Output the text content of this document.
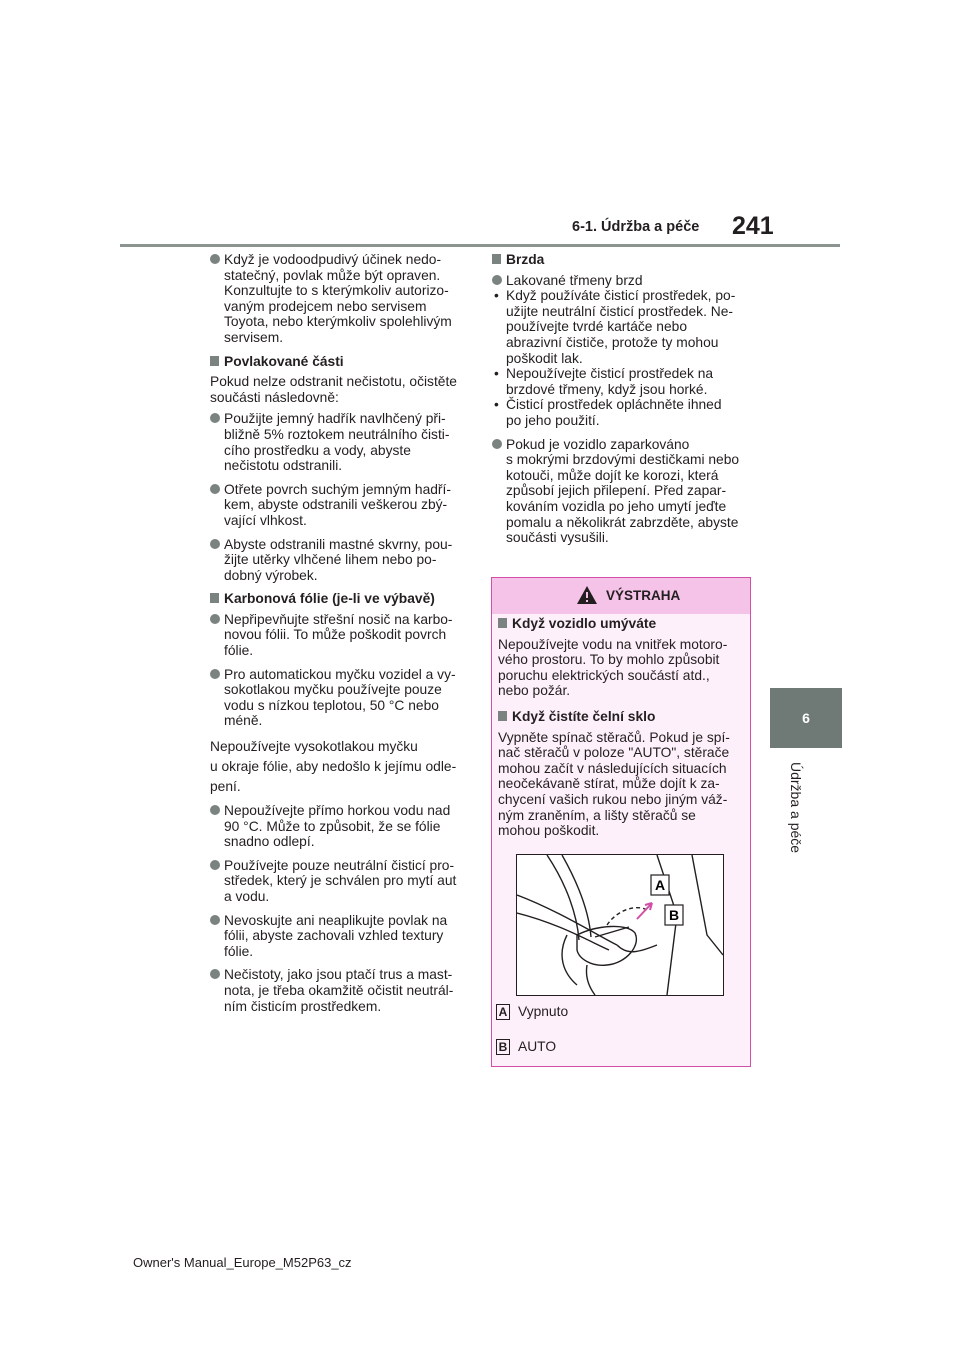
6-1. Údržba a péče 241
6
Údržba a péče
Když je vodoodpudivý účinek nedo-
statečný, povlak může být opraven.
Konzultujte to s kterýmkoliv autorizo-
vaným prodejcem nebo servisem
Toyota, nebo kterýmkoliv spolehlivým
servisem.
Povlakované části
Pokud nelze odstranit nečistotu, očistěte
součásti následovně:
Použijte jemný hadřík navlhčený při-
bližně 5% roztokem neutrálního čisti-
cího prostředku a vody, abyste
nečistotu odstranili.
Otřete povrch suchým jemným hadří-
kem, abyste odstranili veškerou zbý-
vající vlhkost.
Abyste odstranili mastné skvrny, pou-
žijte utěrky vlhčené lihem nebo po-
dobný výrobek.
Karbonová fólie (je-li ve výbavě)
Nepřipevňujte střešní nosič na karbo-
novou fólii. To může poškodit povrch
fólie.
Pro automatickou myčku vozidel a vy-
sokotlakou myčku používejte pouze
vodu s nízkou teplotou, 50 °C nebo
méně.
Nepoužívejte vysokotlakou myčku
u okraje fólie, aby nedošlo k jejímu odle-
pení.
Nepoužívejte přímo horkou vodu nad
90 °C. Může to způsobit, že se fólie
snadno odlepí.
Používejte pouze neutrální čisticí pro-
středek, který je schválen pro mytí aut
a vodu.
Nevoskujte ani neaplikujte povlak na
fólii, abyste zachovali vzhled textury
fólie.
Nečistoty, jako jsou ptačí trus a mast-
nota, je třeba okamžitě očistit neutrál-
ním čisticím prostředkem.
Brzda
Lakované třmeny brzd
• Když používáte čisticí prostředek, po-
užijte neutrální čisticí prostředek. Ne-
používejte tvrdé kartáče nebo
abrazivní čističe, protože ty mohou
poškodit lak.
• Nepoužívejte čisticí prostředek na
brzdové třmeny, když jsou horké.
• Čisticí prostředek opláchněte ihned
po jeho použití.
Pokud je vozidlo zaparkováno
s mokrými brzdovými destičkami nebo
kotouči, může dojít ke korozi, která
způsobí jejich přilepení. Před zapar-
kováním vozidla po jeho umytí jeďte
pomalu a několikrát zabrzděte, abyste
součásti vysušili.
VÝSTRAHA
Když vozidlo umýváte
Nepoužívejte vodu na vnitřek motoro-
vého prostoru. To by mohlo způsobit
poruchu elektrických součástí atd.,
nebo požár.
Když čistíte čelní sklo
Vypněte spínač stěračů. Pokud je spí-
nač stěračů v poloze "AUTO", stěrače
mohou začít v následujících situacích
neočekávaně stírat, může dojít k za-
chycení vašich rukou nebo jiným váž-
ným zraněním, a lišty stěračů se
mohou poškodit.
A
B
A Vypnuto
B AUTO
Owner's Manual_Europe_M52P63_cz
